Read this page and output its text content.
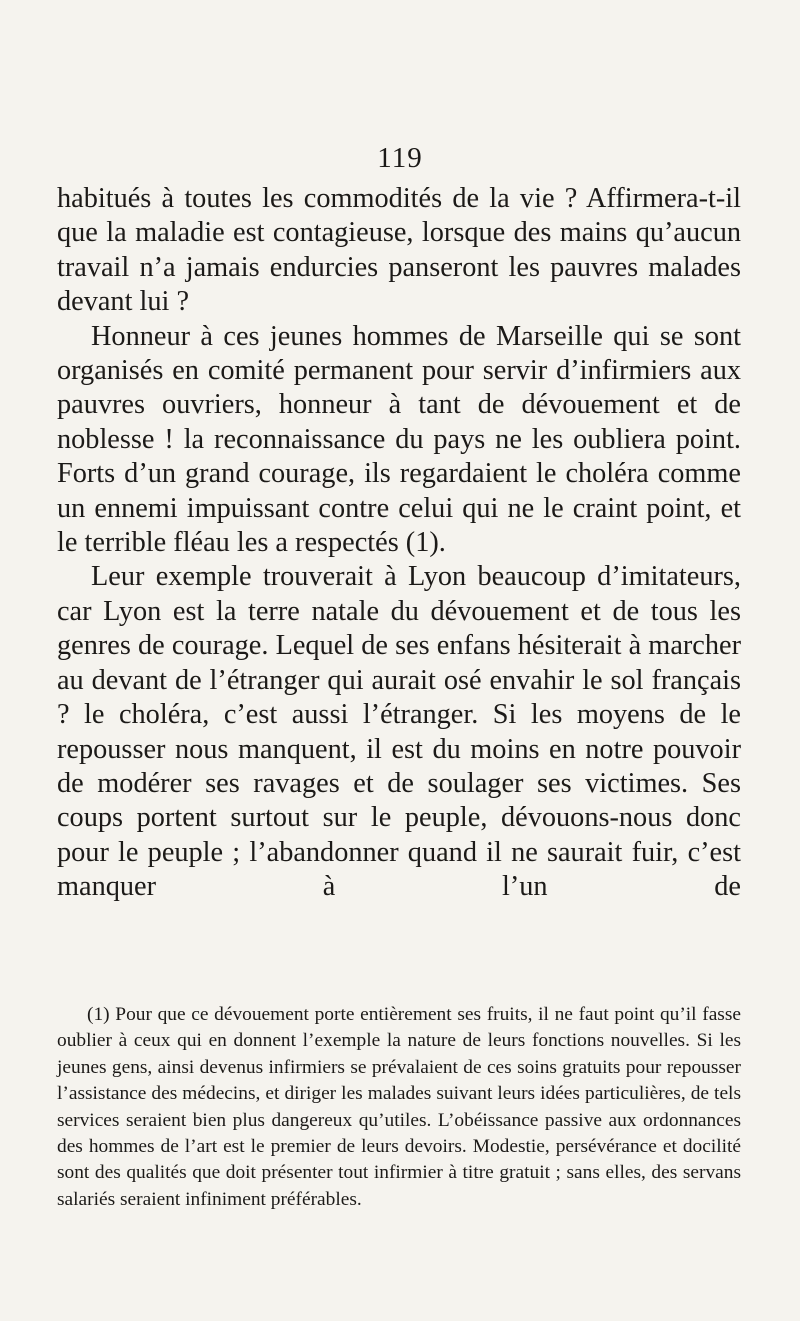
119

habitués à toutes les commodités de la vie ? Affirmera-t-il que la maladie est contagieuse, lorsque des mains qu’aucun travail n’a jamais endurcies panseront les pauvres malades devant lui ?

Honneur à ces jeunes hommes de Marseille qui se sont organisés en comité permanent pour servir d’infirmiers aux pauvres ouvriers, honneur à tant de dévouement et de noblesse ! la reconnaissance du pays ne les oubliera point. Forts d’un grand courage, ils regardaient le choléra comme un ennemi impuissant contre celui qui ne le craint point, et le terrible fléau les a respectés (1).

Leur exemple trouverait à Lyon beaucoup d’imitateurs, car Lyon est la terre natale du dévouement et de tous les genres de courage. Lequel de ses enfans hésiterait à marcher au devant de l’étranger qui aurait osé envahir le sol français ? le choléra, c’est aussi l’étranger. Si les moyens de le repousser nous manquent, il est du moins en notre pouvoir de modérer ses ravages et de soulager ses victimes. Ses coups portent surtout sur le peuple, dévouons-nous donc pour le peuple ; l’abandonner quand il ne saurait fuir, c’est manquer à l’un de

(1) Pour que ce dévouement porte entièrement ses fruits, il ne faut point qu’il fasse oublier à ceux qui en donnent l’exemple la nature de leurs fonctions nouvelles. Si les jeunes gens, ainsi devenus infirmiers se prévalaient de ces soins gratuits pour repousser l’assistance des médecins, et diriger les malades suivant leurs idées particulières, de tels services seraient bien plus dangereux qu’utiles. L’obéissance passive aux ordonnances des hommes de l’art est le premier de leurs devoirs. Modestie, persévérance et docilité sont des qualités que doit présenter tout infirmier à titre gratuit ; sans elles, des servans salariés seraient infiniment préférables.
